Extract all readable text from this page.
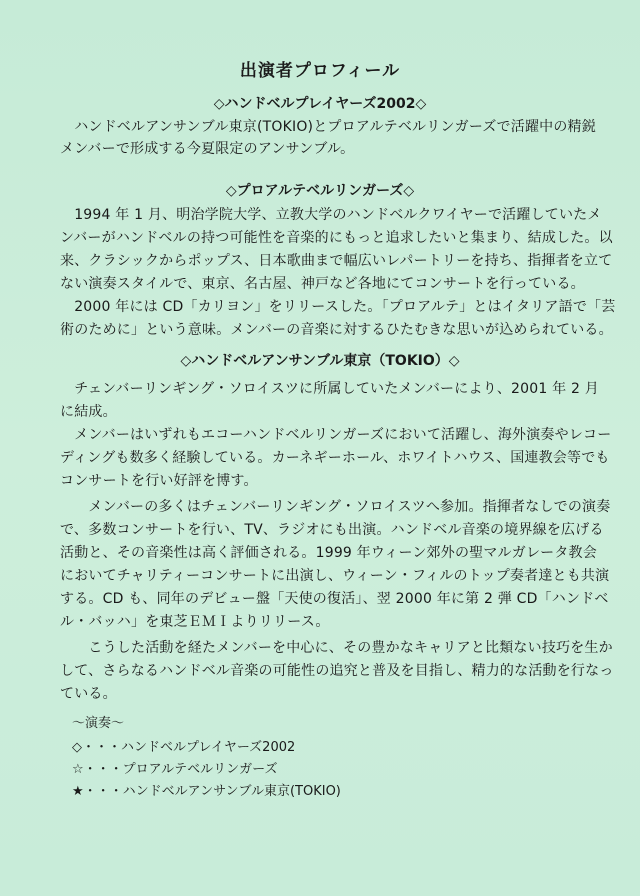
出演者プロフィール
◇ハンドベルプレイヤーズ2002◇
　ハンドベルアンサンブル東京(TOKIO)とプロアルテベルリンガーズで活躍中の精鋭
メンバーで形成する今夏限定のアンサンブル。
◇プロアルテベルリンガーズ◇
　1994 年 1 月、明治学院大学、立教大学のハンドベルクワイヤーで活躍していたメ
ンバーがハンドベルの持つ可能性を音楽的にもっと追求したいと集まり、結成した。以
来、クラシックからポップス、日本歌曲まで幅広いレパートリーを持ち、指揮者を立て
ない演奏スタイルで、東京、名古屋、神戸など各地にてコンサートを行っている。
　2000 年には CD「カリヨン」をリリースした。「プロアルテ」とはイタリア語で「芸
術のために」という意味。メンバーの音楽に対するひたむきな思いが込められている。
◇ハンドベルアンサンブル東京（TOKIO）◇
　チェンバーリンギング・ソロイスツに所属していたメンバーにより、2001 年 2 月
に結成。
　メンバーはいずれもエコーハンドベルリンガーズにおいて活躍し、海外演奏やレコー
ディングも数多く経験している。カーネギーホール、ホワイトハウス、国連教会等でも
コンサートを行い好評を博す。
　　メンバーの多くはチェンバーリンギング・ソロイスツへ参加。指揮者なしでの演奏
で、多数コンサートを行い、TV、ラジオにも出演。ハンドベル音楽の境界線を広げる
活動と、その音楽性は高く評価される。1999 年ウィーン郊外の聖マルガレータ教会
においてチャリティーコンサートに出演し、ウィーン・フィルのトップ奏者達とも共演
する。CD も、同年のデビュー盤「天使の復活」、翌 2000 年に第 2 弾 CD「ハンドベ
ル・バッハ」を東芝ＥＭＩよりリリース。
　　こうした活動を経たメンバーを中心に、その豊かなキャリアと比類ない技巧を生か
して、さらなるハンドベル音楽の可能性の追究と普及を目指し、精力的な活動を行なっ
ている。
～演奏～
◇・・・ハンドベルプレイヤーズ2002
☆・・・プロアルテベルリンガーズ
★・・・ハンドベルアンサンブル東京(TOKIO)
